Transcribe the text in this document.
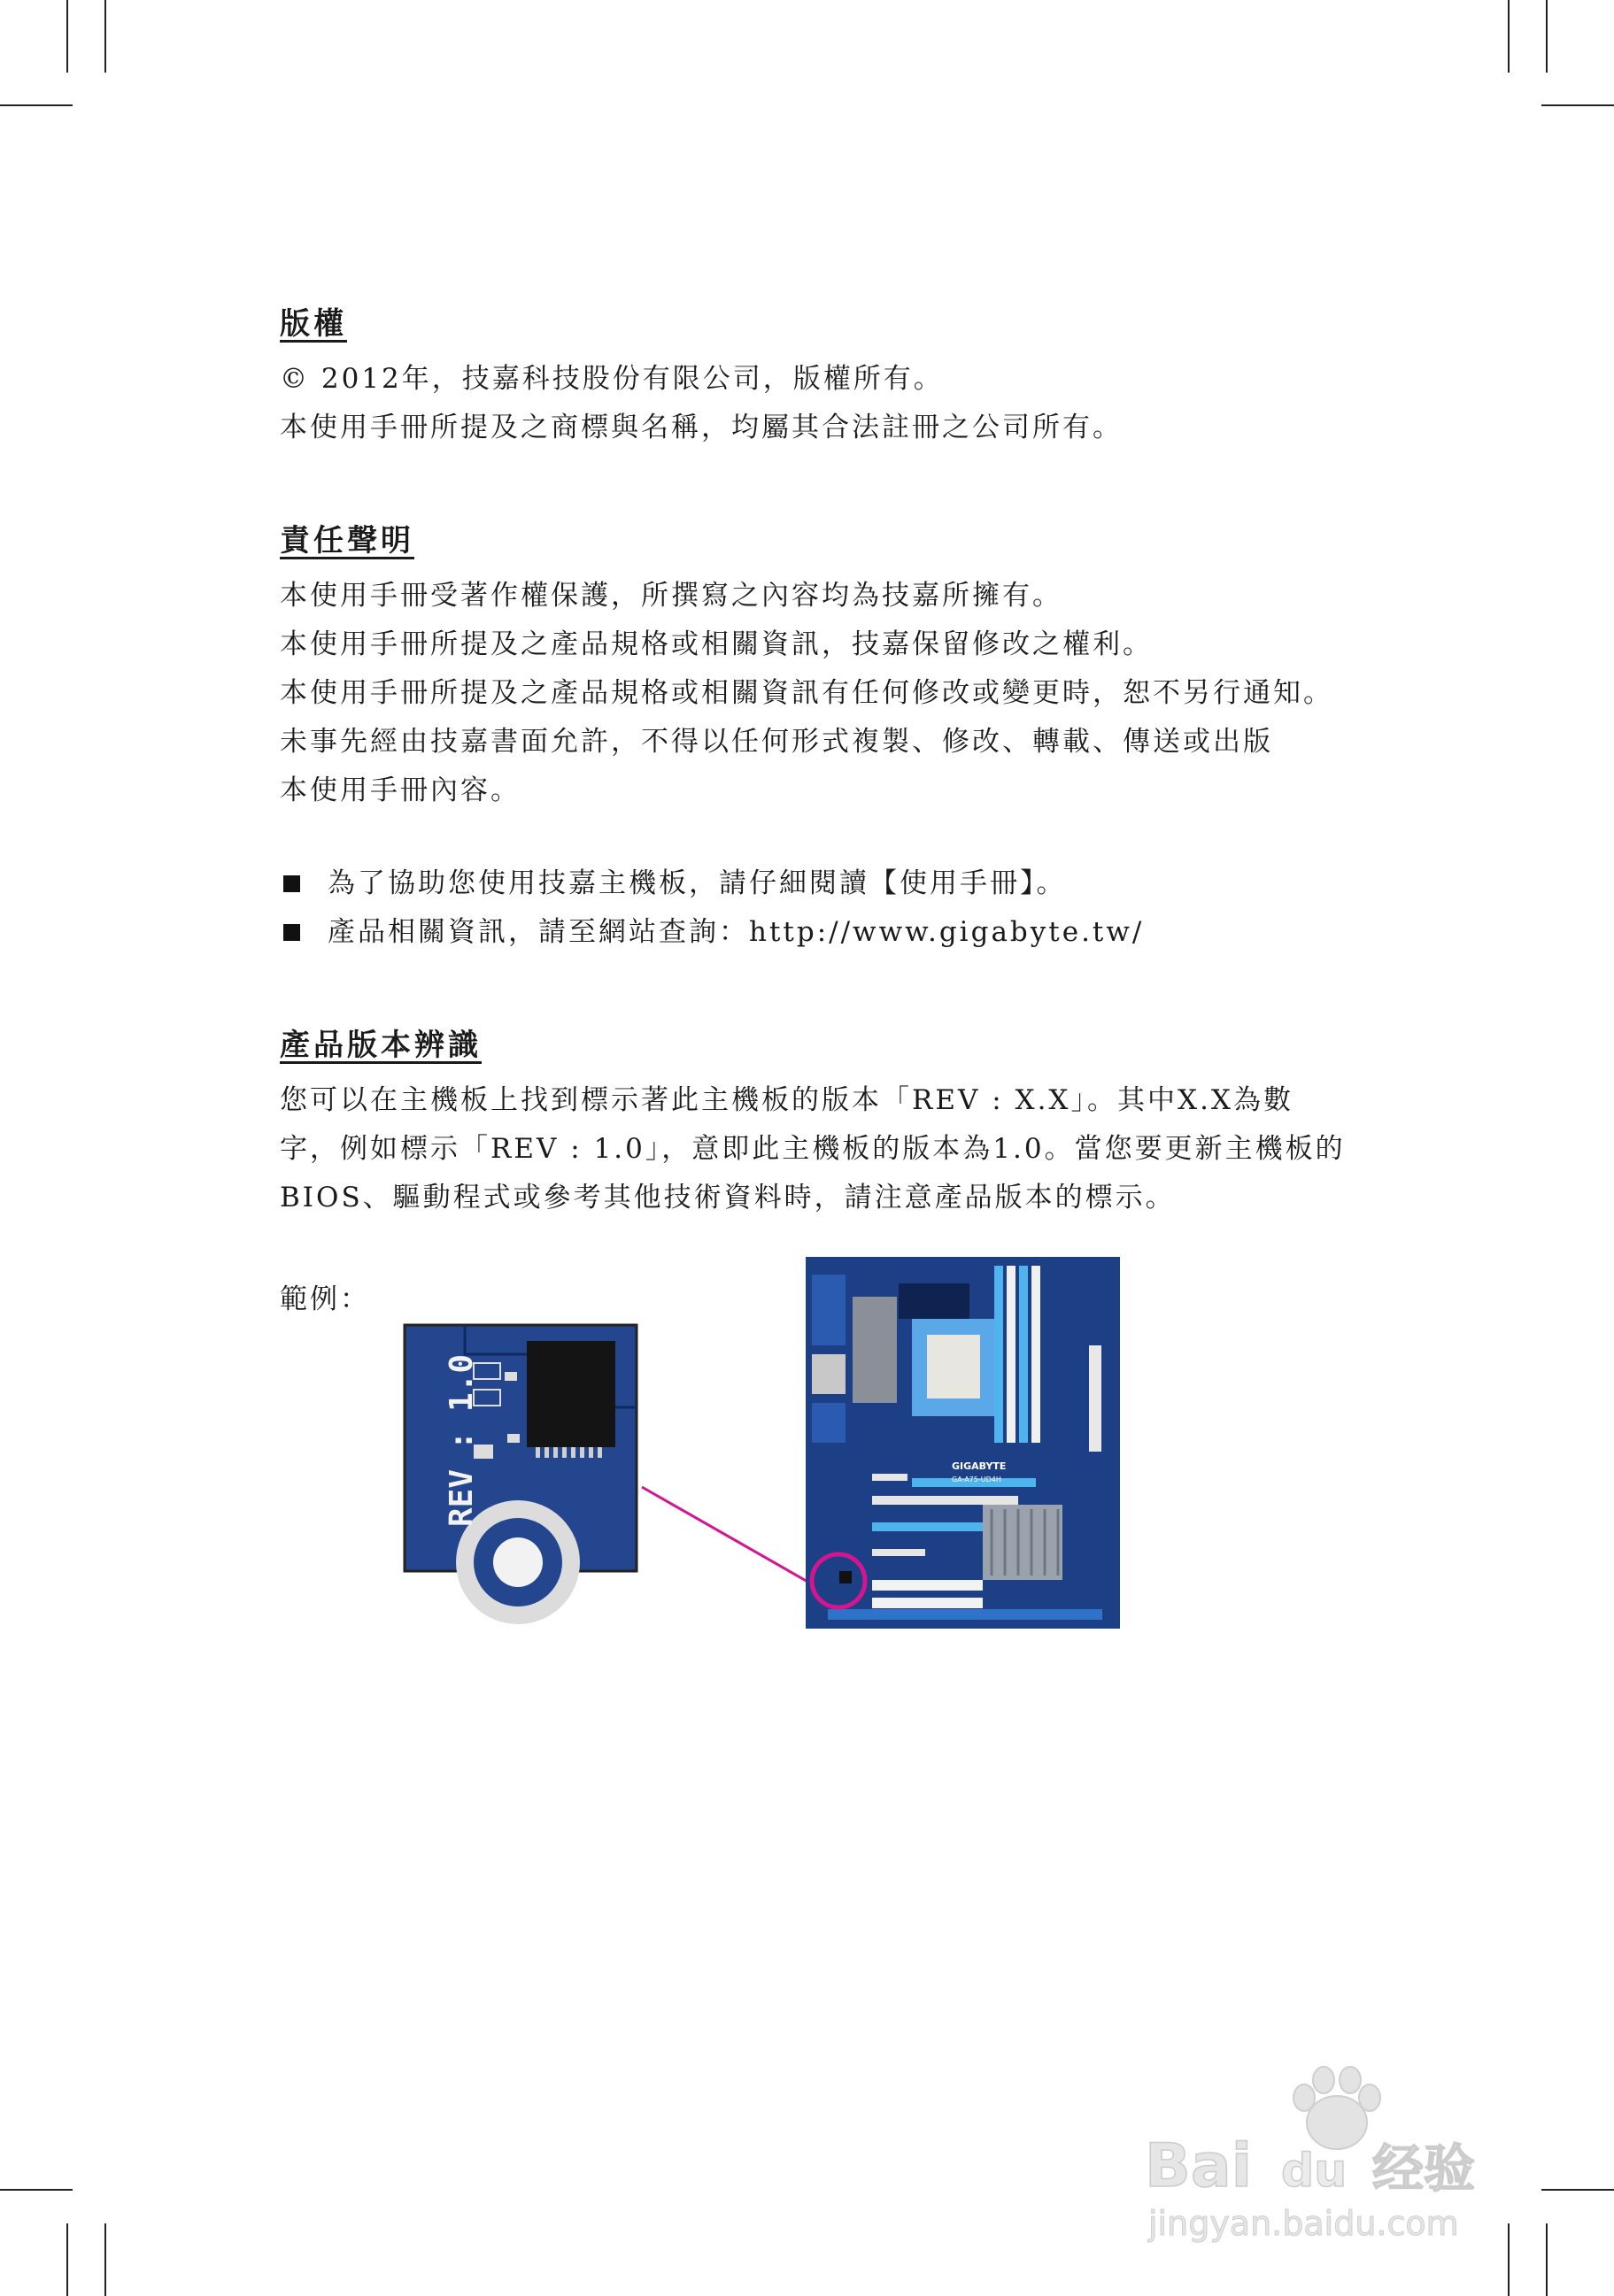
版權
© 2012年，技嘉科技股份有限公司，版權所有。
本使用手冊所提及之商標與名稱，均屬其合法註冊之公司所有。
責任聲明
本使用手冊受著作權保護，所撰寫之內容均為技嘉所擁有。
本使用手冊所提及之產品規格或相關資訊，技嘉保留修改之權利。
本使用手冊所提及之產品規格或相關資訊有任何修改或變更時，恕不另行通知。
未事先經由技嘉書面允許，不得以任何形式複製、修改、轉載、傳送或出版
本使用手冊內容。
為了協助您使用技嘉主機板，請仔細閱讀【使用手冊】。
產品相關資訊，請至網站查詢：http://www.gigabyte.tw/
產品版本辨識
您可以在主機板上找到標示著此主機板的版本「REV : X.X」。其中X.X為數
字，例如標示「REV : 1.0」，意即此主機板的版本為1.0。當您要更新主機板的
BIOS、驅動程式或參考其他技術資料時，請注意產品版本的標示。
範例：
REV : 1.0	GIGABYTE
GA-A75-UD4H
Bai du 经验
jingyan.baidu.com
